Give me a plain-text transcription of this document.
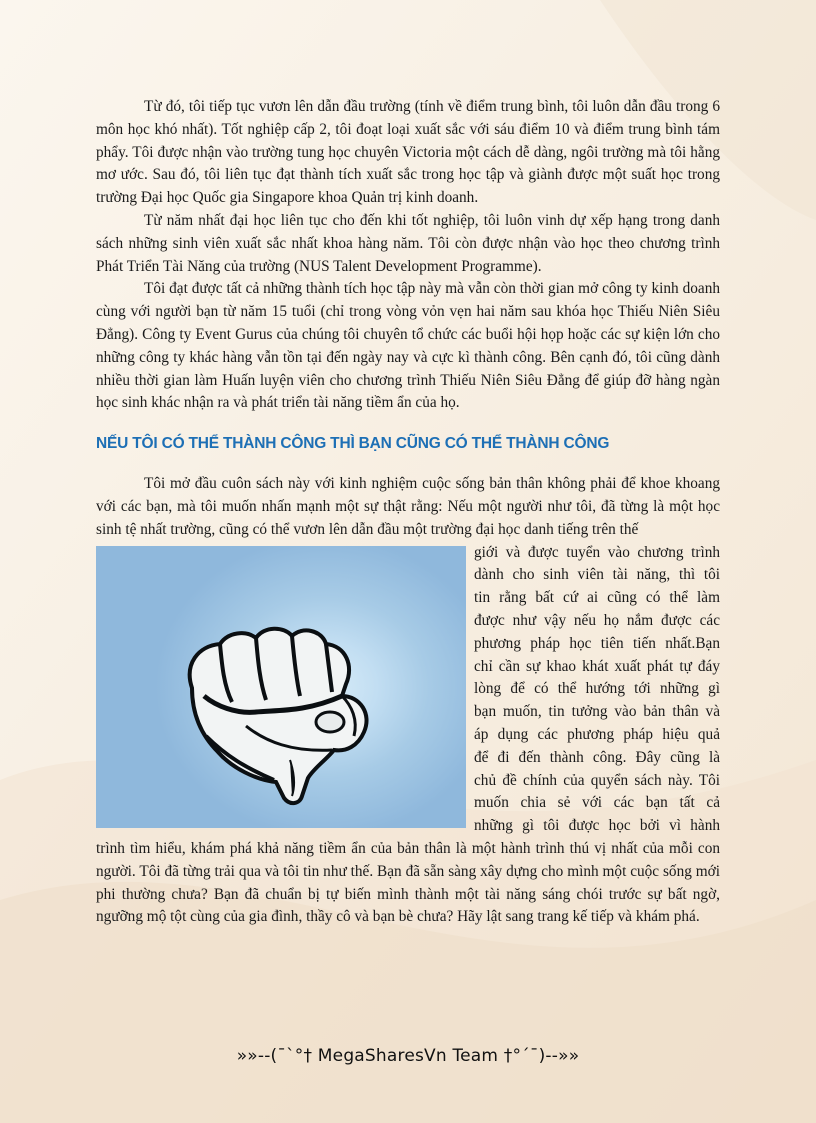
Từ đó, tôi tiếp tục vươn lên dẫn đầu trường (tính về điểm trung bình, tôi luôn dẫn đầu trong 6 môn học khó nhất). Tốt nghiệp cấp 2, tôi đoạt loại xuất sắc với sáu điểm 10 và điểm trung bình tám phẩy. Tôi được nhận vào trường tung học chuyên Victoria một cách dễ dàng, ngôi trường mà tôi hằng mơ ước. Sau đó, tôi liên tục đạt thành tích xuất sắc trong học tập và giành được một suất học trong trường Đại học Quốc gia Singapore khoa Quản trị kinh doanh.

Từ năm nhất đại học liên tục cho đến khi tốt nghiệp, tôi luôn vinh dự xếp hạng trong danh sách những sinh viên xuất sắc nhất khoa hàng năm. Tôi còn được nhận vào học theo chương trình Phát Triển Tài Năng của trường (NUS Talent Development Programme).

Tôi đạt được tất cả những thành tích học tập này mà vẫn còn thời gian mở công ty kinh doanh cùng với người bạn từ năm 15 tuổi (chỉ trong vòng vỏn vẹn hai năm sau khóa học Thiếu Niên Siêu Đẳng). Công ty Event Gurus của chúng tôi chuyên tổ chức các buổi hội họp hoặc các sự kiện lớn cho những công ty khác hàng vẫn tồn tại đến ngày nay và cực kì thành công. Bên cạnh đó, tôi cũng dành nhiều thời gian làm Huấn luyện viên cho chương trình Thiếu Niên Siêu Đẳng để giúp đỡ hàng ngàn học sinh khác nhận ra và phát triển tài năng tiềm ẩn của họ.

NẾU TÔI CÓ THỂ THÀNH CÔNG THÌ BẠN CŨNG CÓ THỂ THÀNH CÔNG

Tôi mở đầu cuôn sách này với kinh nghiệm cuộc sống bản thân không phải để khoe khoang với các bạn, mà tôi muốn nhấn mạnh một sự thật rằng: Nếu một người như tôi, đã từng là một học sinh tệ nhất trường, cũng có thể vươn lên dẫn đầu một trường đại học danh tiếng trên thế

giới và được tuyển vào chương trình

dành cho sinh viên tài năng, thì tôi

tin rằng bất cứ ai cũng có thể làm

được như vậy nếu họ nắm được các

phương pháp học tiên tiến nhất.Bạn

chỉ cần sự khao khát xuất phát tự đáy

lòng để có thể hướng tới những gì

bạn muốn, tin tưởng vào bản thân và

áp dụng các phương pháp hiệu quả

để đi đến thành công. Đây cũng là

chủ đề chính của quyển sách này. Tôi

muốn chia sẻ với các bạn tất cả

những gì tôi được học bởi vì hành

trình tìm hiểu, khám phá khả năng tiềm ẩn của bản thân là một hành trình thú vị nhất của mỗi con người. Tôi đã từng trải qua và tôi tin như thế. Bạn đã sẵn sàng xây dựng cho mình một cuộc sống mới phi thường chưa? Bạn đã chuẩn bị tự biến mình thành một tài năng sáng chói trước sự bất ngờ, ngưỡng mộ tột cùng của gia đình, thầy cô và bạn bè chưa? Hãy lật sang trang kế tiếp và khám phá.

»»--(¯`°† MegaSharesVn Team †°´¯)--»»
